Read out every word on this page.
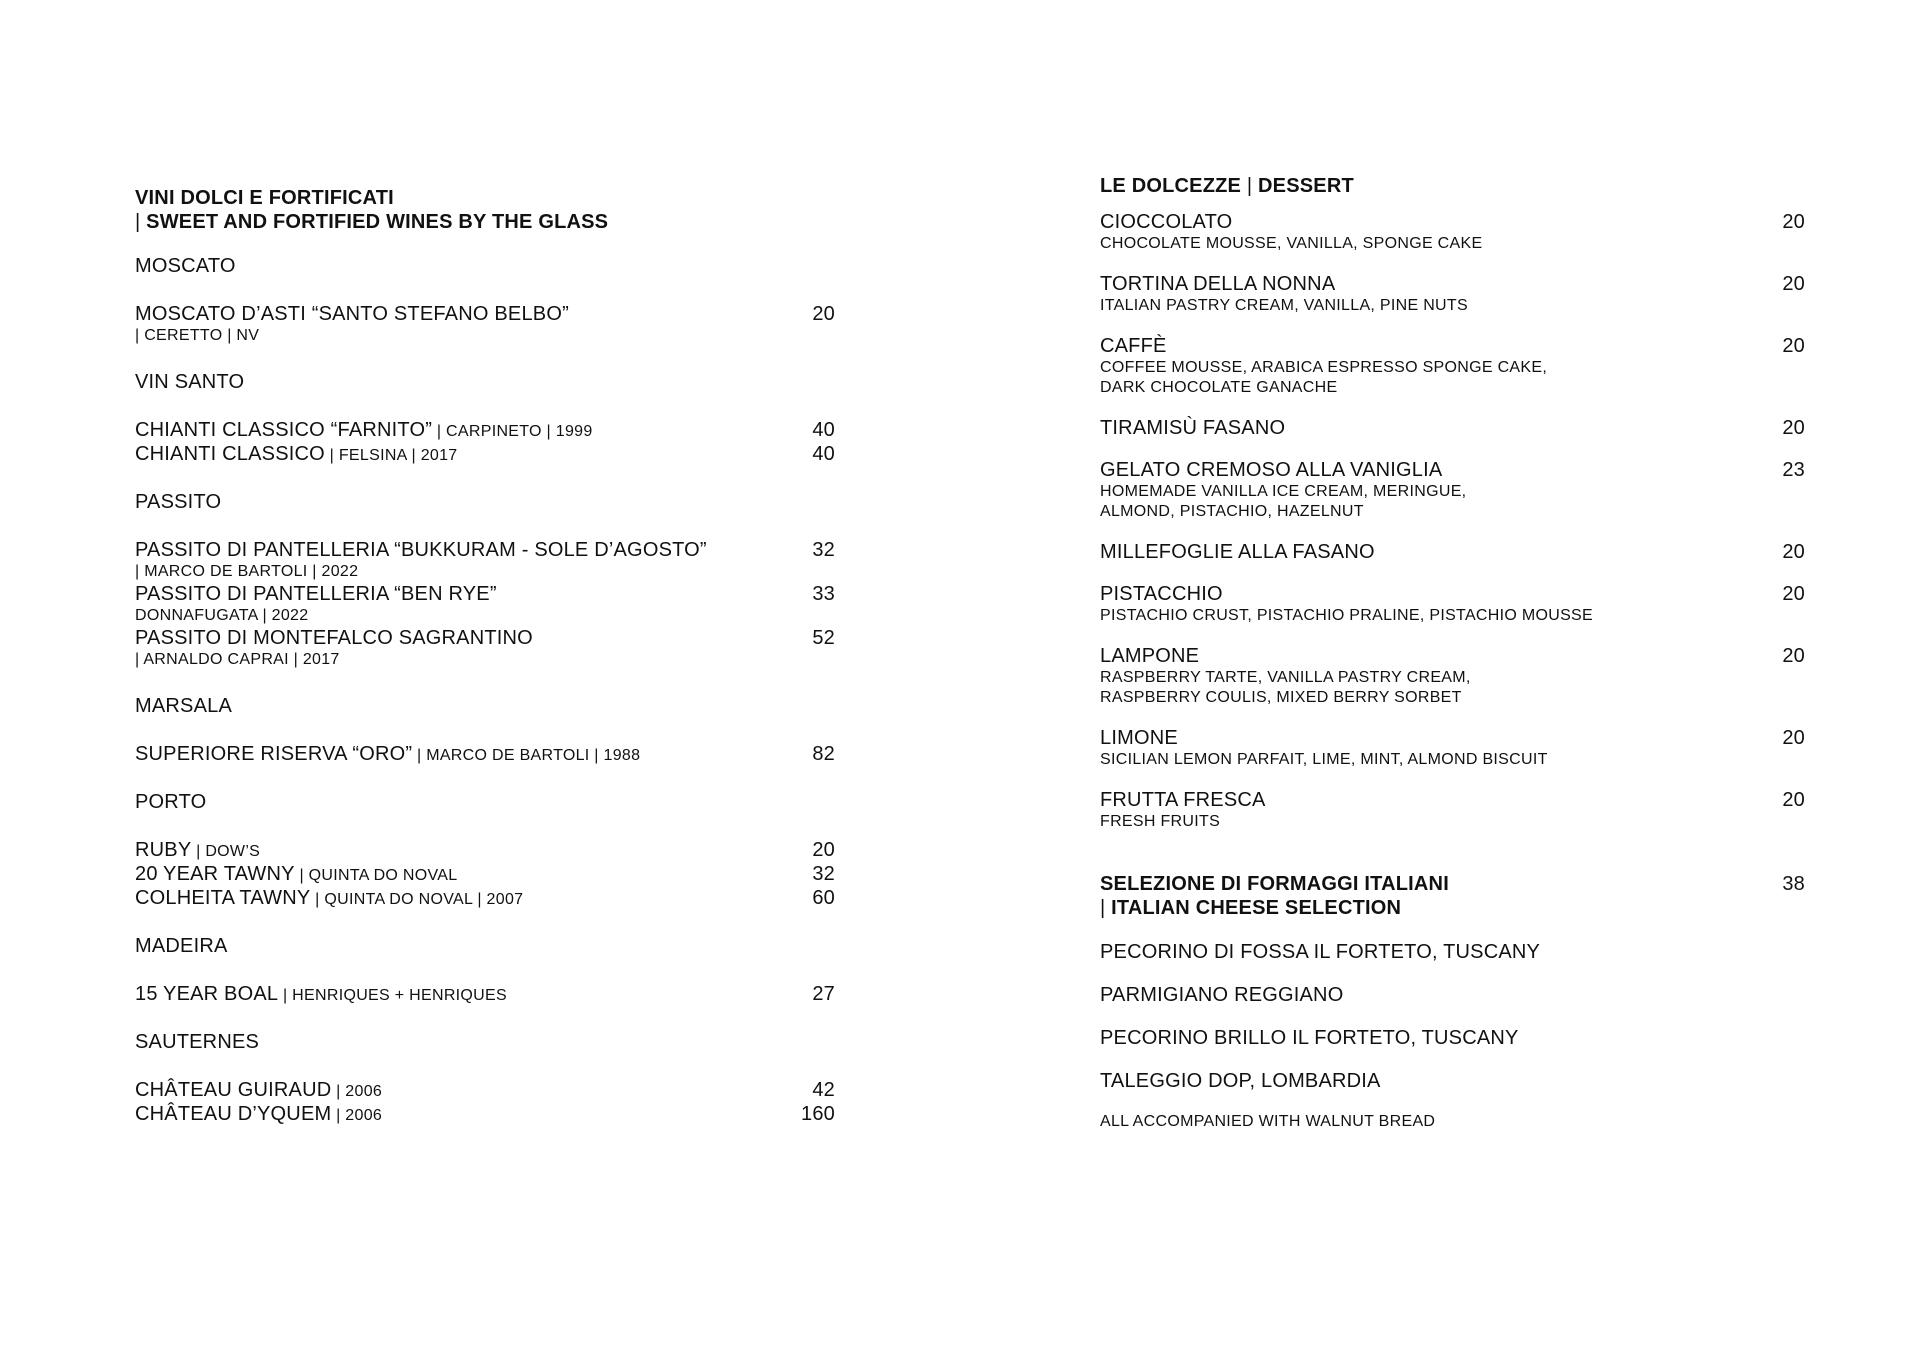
VINI DOLCI E FORTIFICATI
| SWEET AND FORTIFIED WINES BY THE GLASS
MOSCATO
MOSCATO D’ASTI “SANTO STEFANO BELBO”
| CERETTO | NV
20
VIN SANTO
CHIANTI CLASSICO “FARNITO” | CARPINETO | 1999	40
CHIANTI CLASSICO | FELSINA | 2017	40
PASSITO
PASSITO DI PANTELLERIA “BUKKURAM - SOLE D’AGOSTO”
| MARCO DE BARTOLI | 2022
32
PASSITO DI PANTELLERIA “BEN RYE”
DONNAFUGATA | 2022
33
PASSITO DI MONTEFALCO SAGRANTINO
| ARNALDO CAPRAI | 2017
52
MARSALA
SUPERIORE RISERVA “ORO” | MARCO DE BARTOLI | 1988	82
PORTO
RUBY | DOW’S	20
20 YEAR TAWNY | QUINTA DO NOVAL	32
COLHEITA TAWNY | QUINTA DO NOVAL | 2007	60
MADEIRA
15 YEAR BOAL | HENRIQUES + HENRIQUES	27
SAUTERNES
CHÂTEAU GUIRAUD | 2006	42
CHÂTEAU D’YQUEM | 2006	160
LE DOLCEZZE | DESSERT
CIOCCOLATO
CHOCOLATE MOUSSE, VANILLA, SPONGE CAKE
20
TORTINA DELLA NONNA
ITALIAN PASTRY CREAM, VANILLA, PINE NUTS
20
CAFFÈ
COFFEE MOUSSE, ARABICA ESPRESSO SPONGE CAKE,
DARK CHOCOLATE GANACHE
20
TIRAMISÙ FASANO	20
GELATO CREMOSO ALLA VANIGLIA
HOMEMADE VANILLA ICE CREAM, MERINGUE,
ALMOND, PISTACHIO, HAZELNUT
23
MILLEFOGLIE ALLA FASANO	20
PISTACCHIO
PISTACHIO CRUST, PISTACHIO PRALINE, PISTACHIO MOUSSE
20
LAMPONE
RASPBERRY TARTE, VANILLA PASTRY CREAM,
RASPBERRY COULIS, MIXED BERRY SORBET
20
LIMONE
SICILIAN LEMON PARFAIT, LIME, MINT, ALMOND BISCUIT
20
FRUTTA FRESCA
FRESH FRUITS
20
SELEZIONE DI FORMAGGI ITALIANI
| ITALIAN CHEESE SELECTION
38
PECORINO DI FOSSA IL FORTETO, TUSCANY
PARMIGIANO REGGIANO
PECORINO BRILLO IL FORTETO, TUSCANY
TALEGGIO DOP, LOMBARDIA
ALL ACCOMPANIED WITH WALNUT BREAD
